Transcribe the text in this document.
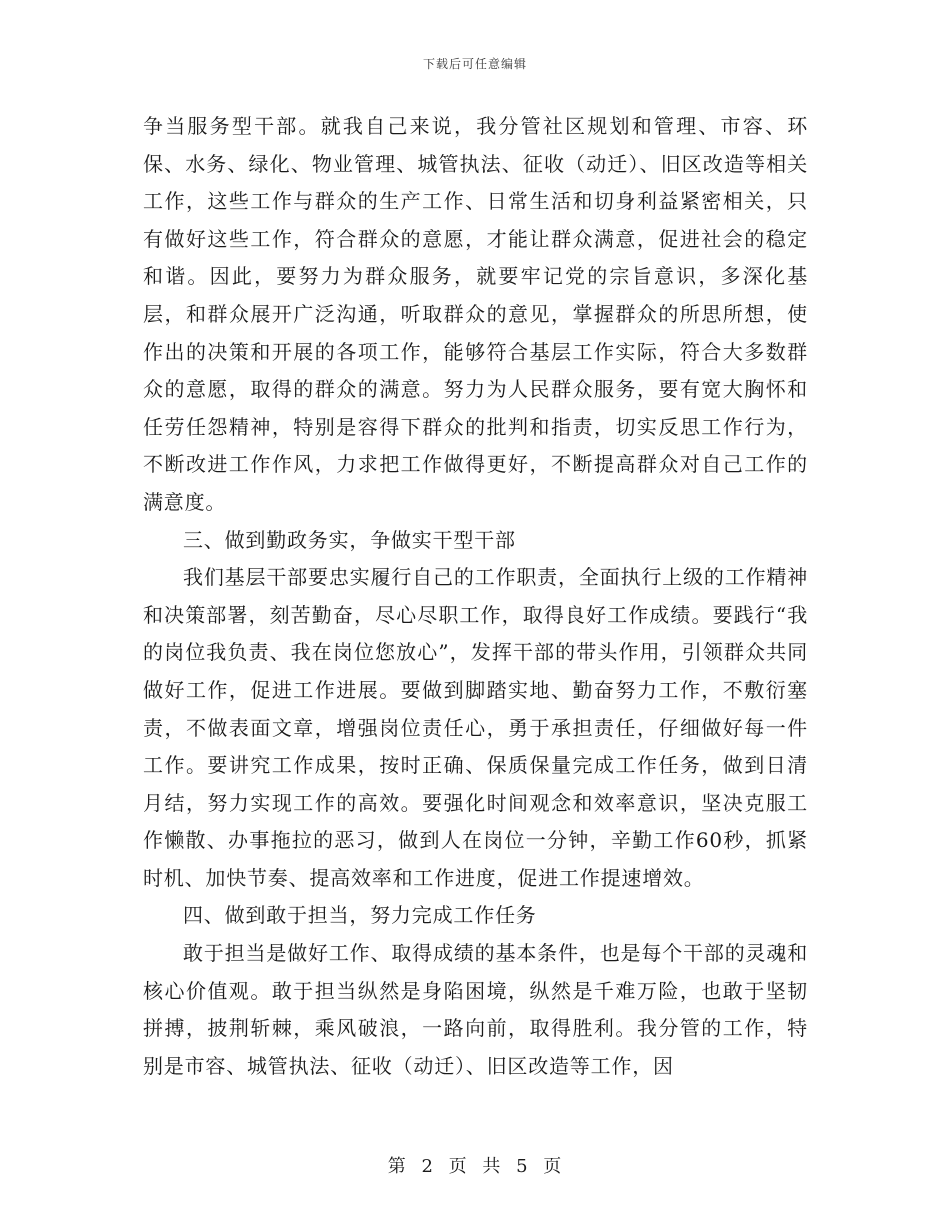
下载后可任意编辑

争当服务型干部。就我自己来说，我分管社区规划和管理、市容、环保、水务、绿化、物业管理、城管执法、征收（动迁）、旧区改造等相关工作，这些工作与群众的生产工作、日常生活和切身利益紧密相关，只有做好这些工作，符合群众的意愿，才能让群众满意，促进社会的稳定和谐。因此，要努力为群众服务，就要牢记党的宗旨意识，多深化基层，和群众展开广泛沟通，听取群众的意见，掌握群众的所思所想，使作出的决策和开展的各项工作，能够符合基层工作实际，符合大多数群众的意愿，取得的群众的满意。努力为人民群众服务，要有宽大胸怀和任劳任怨精神，特别是容得下群众的批判和指责，切实反思工作行为，不断改进工作作风，力求把工作做得更好，不断提高群众对自己工作的满意度。

三、做到勤政务实，争做实干型干部

我们基层干部要忠实履行自己的工作职责，全面执行上级的工作精神和决策部署，刻苦勤奋，尽心尽职工作，取得良好工作成绩。要践行“我的岗位我负责、我在岗位您放心”，发挥干部的带头作用，引领群众共同做好工作，促进工作进展。要做到脚踏实地、勤奋努力工作，不敷衍塞责，不做表面文章，增强岗位责任心，勇于承担责任，仔细做好每一件工作。要讲究工作成果，按时正确、保质保量完成工作任务，做到日清月结，努力实现工作的高效。要强化时间观念和效率意识，坚决克服工作懒散、办事拖拉的恶习，做到人在岗位一分钟，辛勤工作60秒，抓紧时机、加快节奏、提高效率和工作进度，促进工作提速增效。

四、做到敢于担当，努力完成工作任务

敢于担当是做好工作、取得成绩的基本条件，也是每个干部的灵魂和核心价值观。敢于担当纵然是身陷困境，纵然是千难万险，也敢于坚韧拼搏，披荆斩棘，乘风破浪，一路向前，取得胜利。我分管的工作，特别是市容、城管执法、征收（动迁）、旧区改造等工作，因

第 2 页 共 5 页
